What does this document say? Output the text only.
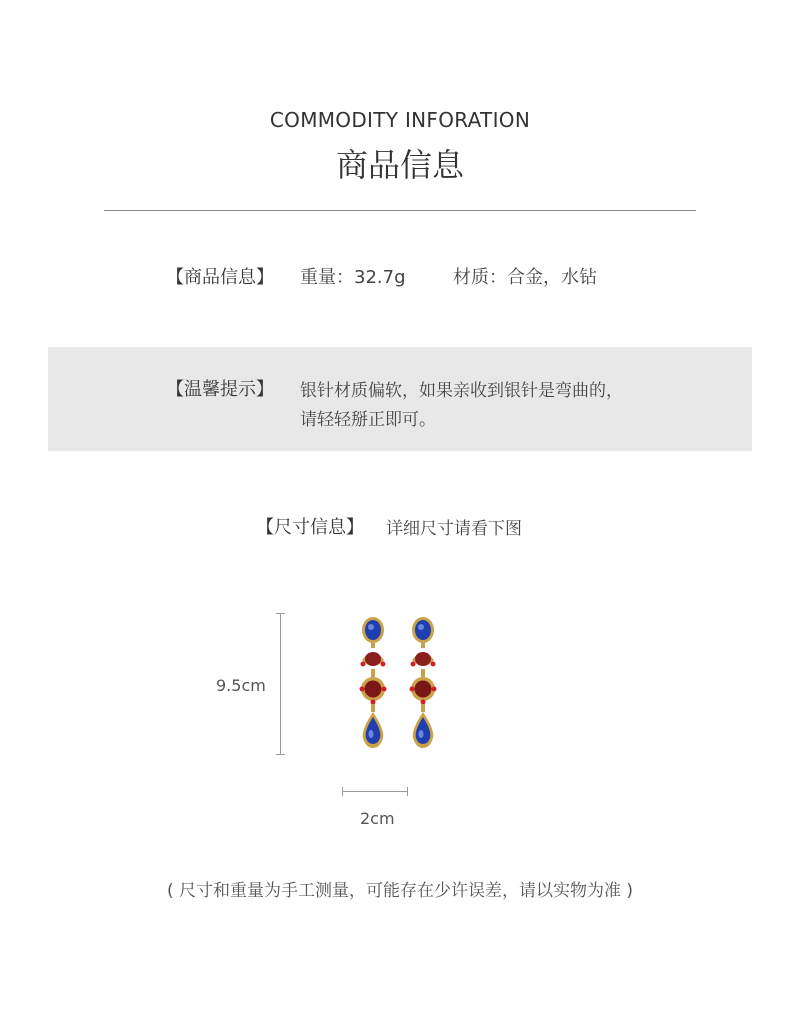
COMMODITY INFORATION
商品信息
【商品信息】 重量：32.7g	材质：合金，水钻
【温馨提示】 银针材质偏软，如果亲收到银针是弯曲的，
请轻轻掰正即可。
【尺寸信息】 详细尺寸请看下图
9.5cm
2cm
( 尺寸和重量为手工测量，可能存在少许误差，请以实物为准 )
